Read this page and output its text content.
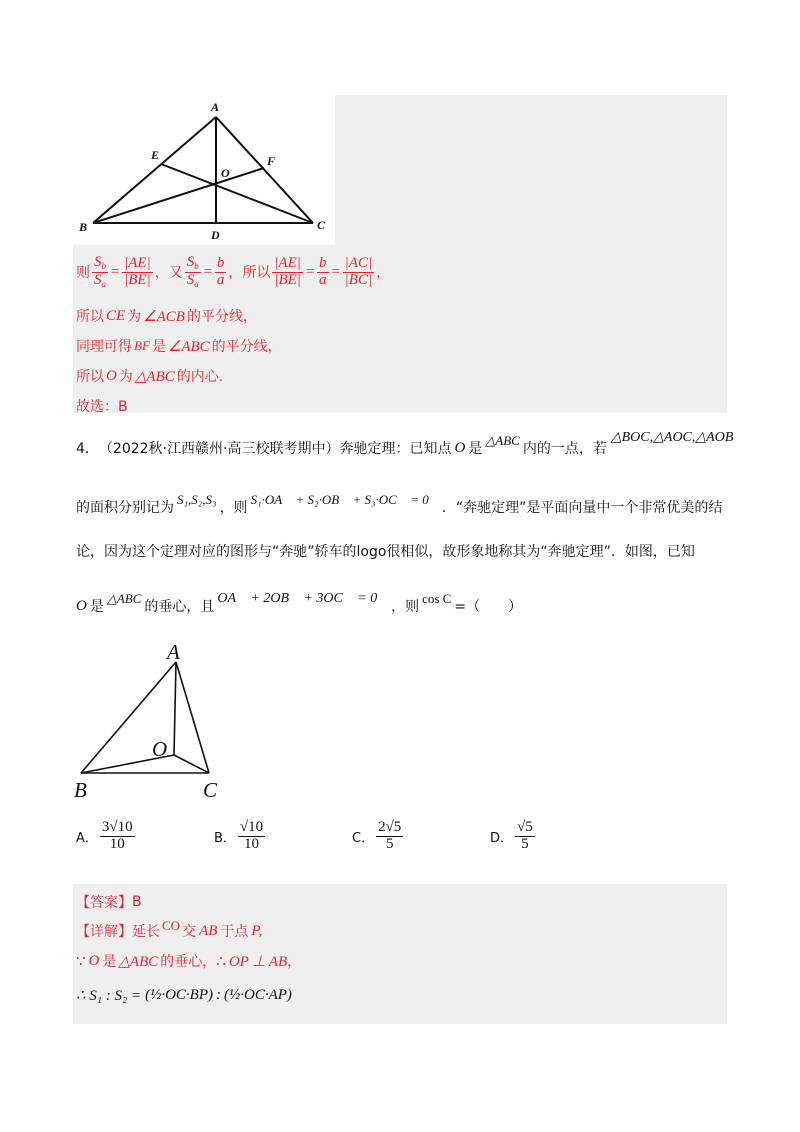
A
B	C
D
E	F
O
则 $\frac{S_b}{S_a} = \frac{|AE|}{|BE|}$ ，又 $\frac{S_b}{S_a} = \frac{b}{a}$ ，所以 $\frac{|AE|}{|BE|} = \frac{b}{a} = \frac{|AC|}{|BC|}$ ，
所以 CE 为 ∠ACB 的平分线，
同理可得 BF 是 ∠ABC 的平分线，
所以 O 为 △ABC 的内心.
故选：B
4． （2022秋·江西赣州·高三校联考期中） 奔驰定理：已知点 O 是
△ABC
内的一点，若
△BOC,△AOC,△AOB
的面积分别记为
S₁,S₂,S₃
，则
S₁·OA⃗ + S₂·OB⃗ + S₃·OC⃗ = 0⃗
．“奔驰定理”是平面向量中一个非常优美的结
论，因为这个定理对应的图形与“奔驰”轿车的logo很相似，故形象地称其为“奔驰定理”．如图，已知
O 是
△ABC
的垂心，且
OA⃗ + 2OB⃗ + 3OC⃗ = 0⃗
，则
cos C
=（　　）
A
B	C
O
A． $\frac{3√10}{10}$	B． $\frac{√10}{10}$	C． $\frac{2√5}{5}$	D． $\frac{√5}{5}$
【答案】 B
【详解】 延长 CO 交 AB 于点 P,
∵ O 是 △ABC 的垂心， ∴ OP ⊥ AB ，
∴ S₁ : S₂ = (½·OC·BP) : (½·OC·AP)
